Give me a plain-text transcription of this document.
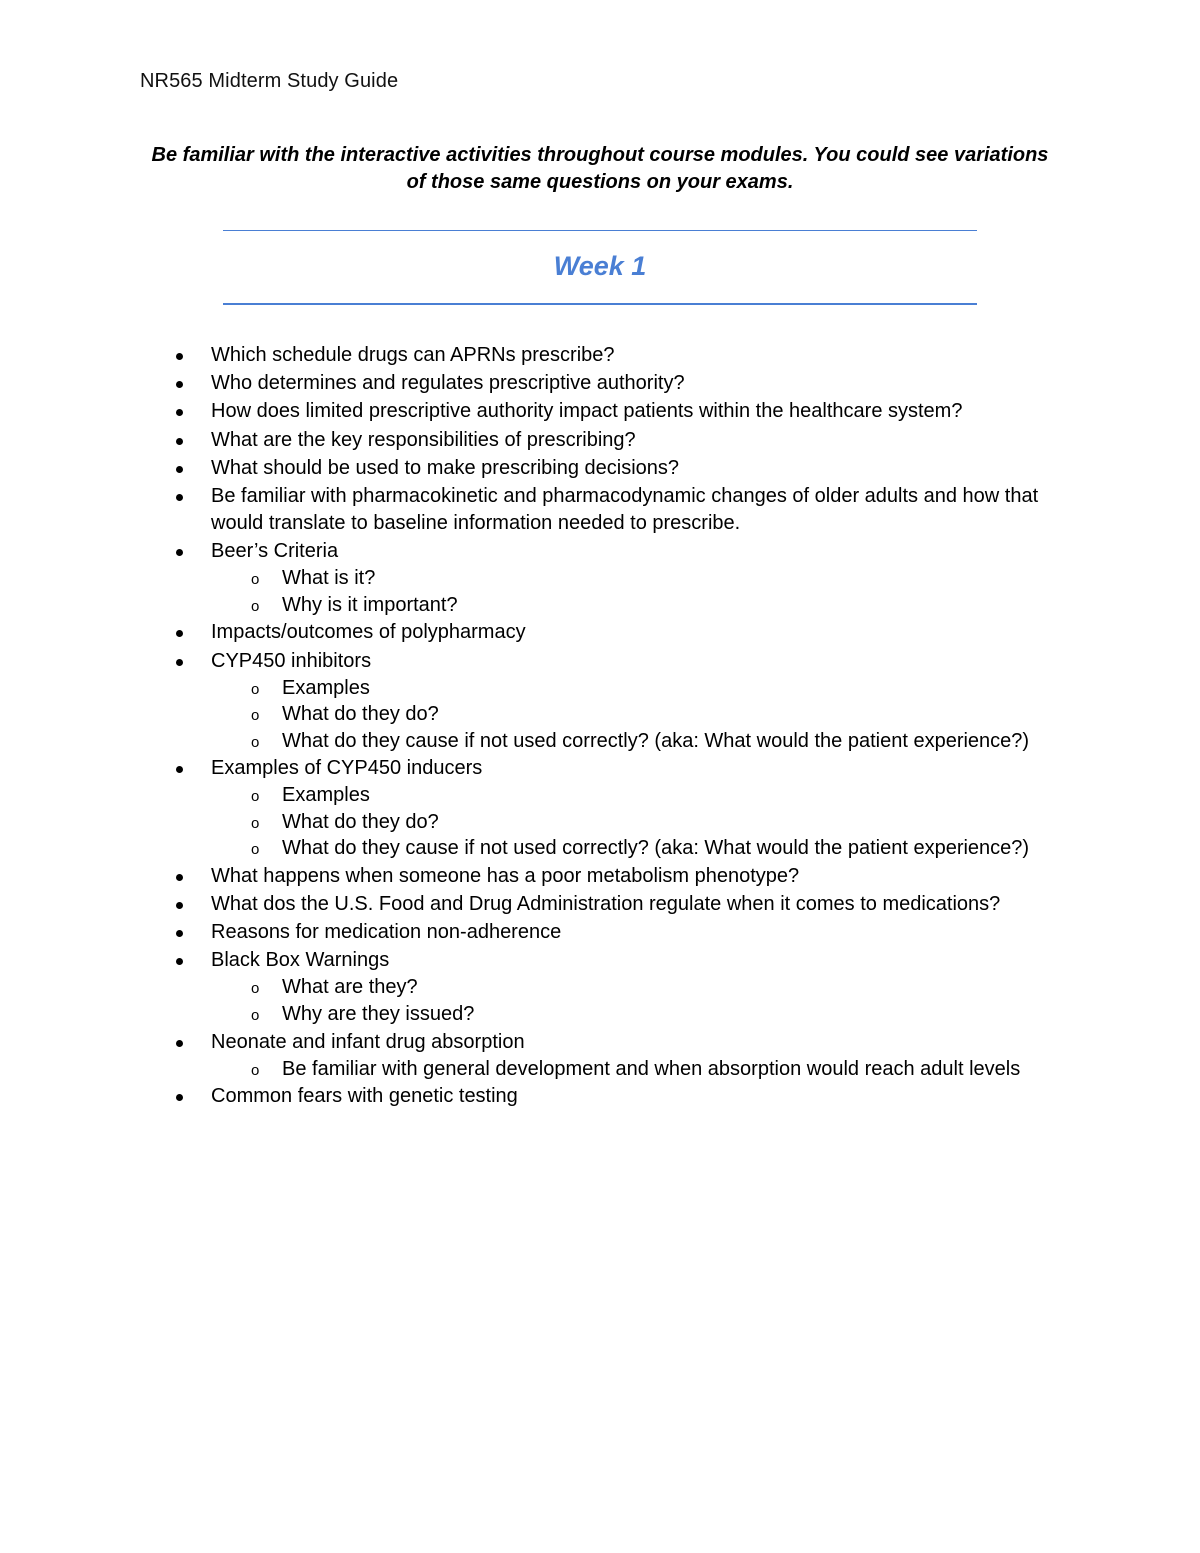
NR565 Midterm Study Guide
Be familiar with the interactive activities throughout course modules. You could see variations of those same questions on your exams.
Week 1
Which schedule drugs can APRNs prescribe?
Who determines and regulates prescriptive authority?
How does limited prescriptive authority impact patients within the healthcare system?
What are the key responsibilities of prescribing?
What should be used to make prescribing decisions?
Be familiar with pharmacokinetic and pharmacodynamic changes of older adults and how that would translate to baseline information needed to prescribe.
Beer’s Criteria
o What is it?
o Why is it important?
Impacts/outcomes of polypharmacy
CYP450 inhibitors
o Examples
o What do they do?
o What do they cause if not used correctly? (aka: What would the patient experience?)
Examples of CYP450 inducers
o Examples
o What do they do?
o What do they cause if not used correctly? (aka: What would the patient experience?)
What happens when someone has a poor metabolism phenotype?
What dos the U.S. Food and Drug Administration regulate when it comes to medications?
Reasons for medication non-adherence
Black Box Warnings
o What are they?
o Why are they issued?
Neonate and infant drug absorption
o Be familiar with general development and when absorption would reach adult levels
Common fears with genetic testing
